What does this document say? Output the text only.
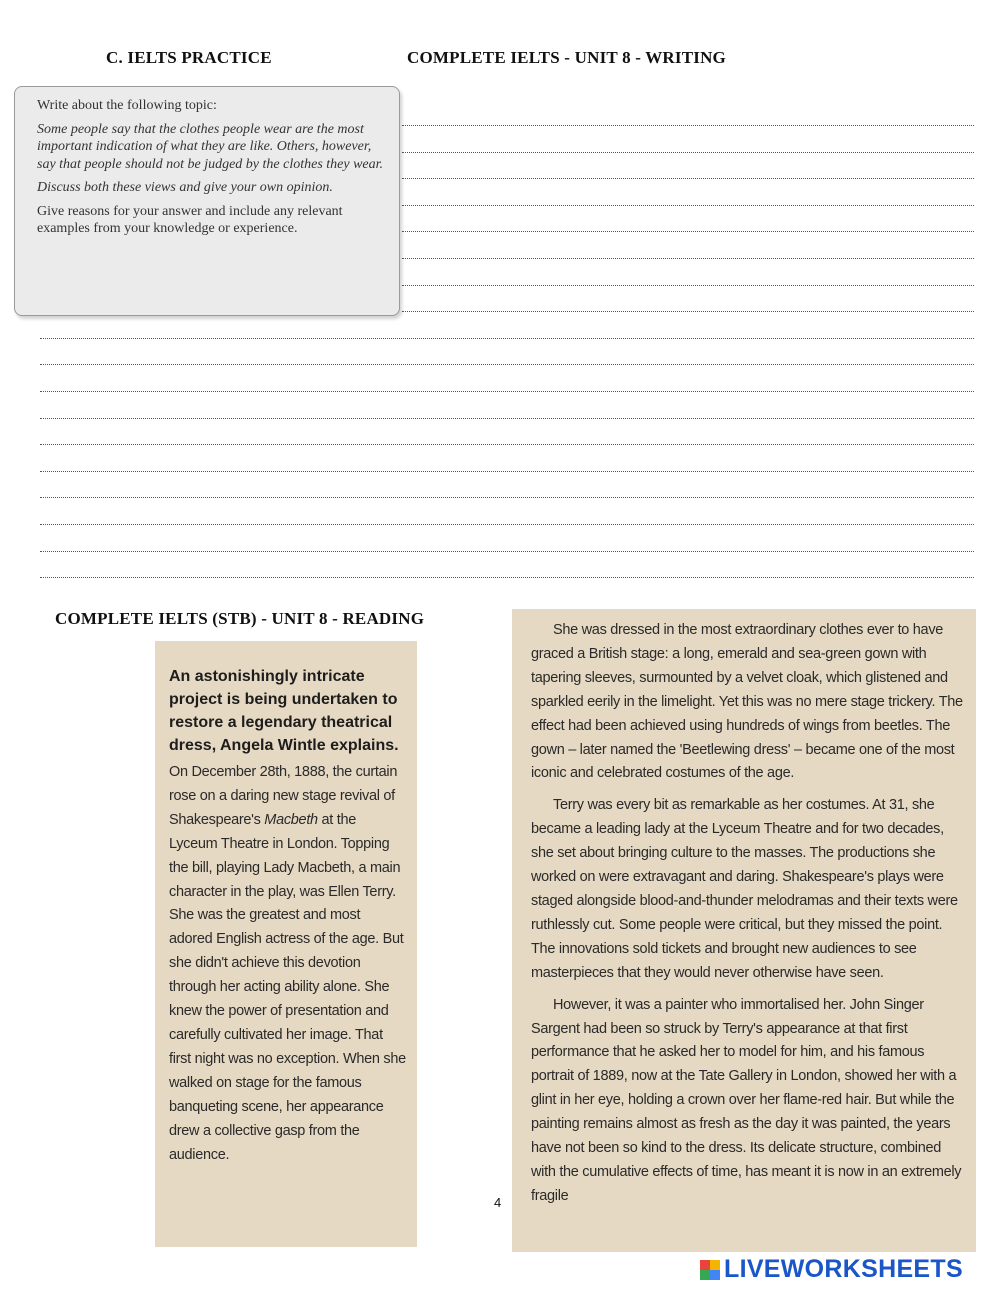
C. IELTS PRACTICE	COMPLETE IELTS - UNIT 8 - WRITING

Write about the following topic:

Some people say that the clothes people wear are the most important indication of what they are like. Others, however, say that people should not be judged by the clothes they wear.

Discuss both these views and give your own opinion.

Give reasons for your answer and include any relevant examples from your knowledge or experience.

COMPLETE IELTS (STB) - UNIT 8 - READING

An astonishingly intricate project is being undertaken to restore a legendary theatrical dress, Angela Wintle explains.

On December 28th, 1888, the curtain rose on a daring new stage revival of Shakespeare's Macbeth at the Lyceum Theatre in London. Topping the bill, playing Lady Macbeth, a main character in the play, was Ellen Terry. She was the greatest and most adored English actress of the age. But she didn't achieve this devotion through her acting ability alone. She knew the power of presentation and carefully cultivated her image. That first night was no exception. When she walked on stage for the famous banqueting scene, her appearance drew a collective gasp from the audience.

She was dressed in the most extraordinary clothes ever to have graced a British stage: a long, emerald and sea-green gown with tapering sleeves, surmounted by a velvet cloak, which glistened and sparkled eerily in the limelight. Yet this was no mere stage trickery. The effect had been achieved using hundreds of wings from beetles. The gown – later named the 'Beetlewing dress' – became one of the most iconic and celebrated costumes of the age.

Terry was every bit as remarkable as her costumes. At 31, she became a leading lady at the Lyceum Theatre and for two decades, she set about bringing culture to the masses. The productions she worked on were extravagant and daring. Shakespeare's plays were staged alongside blood-and-thunder melodramas and their texts were ruthlessly cut. Some people were critical, but they missed the point. The innovations sold tickets and brought new audiences to see masterpieces that they would never otherwise have seen.

However, it was a painter who immortalised her. John Singer Sargent had been so struck by Terry's appearance at that first performance that he asked her to model for him, and his famous portrait of 1889, now at the Tate Gallery in London, showed her with a glint in her eye, holding a crown over her flame-red hair. But while the painting remains almost as fresh as the day it was painted, the years have not been so kind to the dress. Its delicate structure, combined with the cumulative effects of time, has meant it is now in an extremely fragile

4
LIVEWORKSHEETS
